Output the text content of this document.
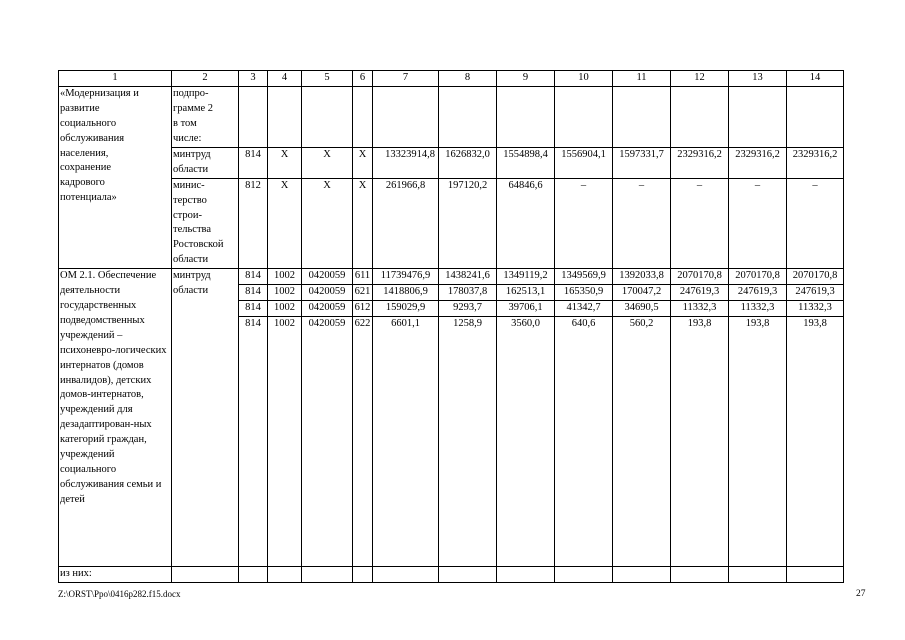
1	2	3	4	5	6	7	8	9	10	11	12	13	14
«Модернизация и развитие социального обслуживания населения, сохранение кадрового потенциала»	подпро-грамме 2 в том числе:												
	минтруд области	814	Х	Х	Х	13323914,8	1626832,0	1554898,4	1556904,1	1597331,7	2329316,2	2329316,2	2329316,2
	минис-терство строи-тельства Ростовской области	812	Х	Х	Х	261966,8	197120,2	64846,6	–	–	–	–	–
ОМ 2.1. Обеспечение деятельности государственных подведомственных учреждений – психоневро-логических интернатов (домов инвалидов), детских домов-интернатов, учреждений для дезадаптирован-ных категорий граждан, учреждений социального обслуживания семьи и детей	минтруд области	814	1002	0420059	611	11739476,9	1438241,6	1349119,2	1349569,9	1392033,8	2070170,8	2070170,8	2070170,8
		814	1002	0420059	621	1418806,9	178037,8	162513,1	165350,9	170047,2	247619,3	247619,3	247619,3
		814	1002	0420059	612	159029,9	9293,7	39706,1	41342,7	34690,5	11332,3	11332,3	11332,3
		814	1002	0420059	622	6601,1	1258,9	3560,0	640,6	560,2	193,8	193,8	193,8
из них:													
Z:\ORST\Ppo\0416p282.f15.docx	27
